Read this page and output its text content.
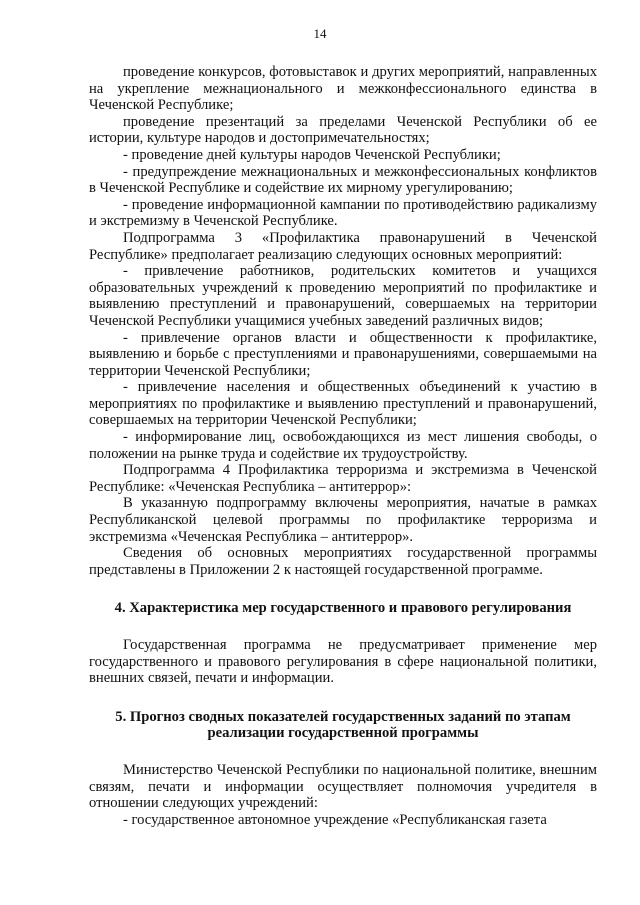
14

проведение конкурсов, фотовыставок и других мероприятий, направленных на укрепление межнационального и межконфессионального единства в Чеченской Республике;

проведение презентаций за пределами Чеченской Республики об ее истории, культуре народов и достопримечательностях;

- проведение дней культуры народов Чеченской Республики;

- предупреждение межнациональных и межконфессиональных конфликтов в Чеченской Республике и содействие их мирному урегулированию;

- проведение информационной кампании по противодействию радикализму и экстремизму в Чеченской Республике.

Подпрограмма 3 «Профилактика правонарушений в Чеченской Республике» предполагает реализацию следующих основных мероприятий:

- привлечение работников, родительских комитетов и учащихся образовательных учреждений к проведению мероприятий по профилактике и выявлению преступлений и правонарушений, совершаемых на территории Чеченской Республики учащимися учебных заведений различных видов;

- привлечение органов власти и общественности к профилактике, выявлению и борьбе с преступлениями и правонарушениями, совершаемыми на территории Чеченской Республики;

- привлечение населения и общественных объединений к участию в мероприятиях по профилактике и выявлению преступлений и правонарушений, совершаемых на территории Чеченской Республики;

- информирование лиц, освобождающихся из мест лишения свободы, о положении на рынке труда и содействие их трудоустройству.

Подпрограмма 4 Профилактика терроризма и экстремизма в Чеченской Республике: «Чеченская Республика – антитеррор»:

В указанную подпрограмму включены мероприятия, начатые в рамках Республиканской целевой программы по профилактике терроризма и экстремизма «Чеченская Республика – антитеррор».

Сведения об основных мероприятиях государственной программы представлены в Приложении 2 к настоящей государственной программе.

4. Характеристика мер государственного и правового регулирования

Государственная программа не предусматривает применение мер государственного и правового регулирования в сфере национальной политики, внешних связей, печати и информации.

5. Прогноз сводных показателей государственных заданий по этапам

реализации государственной программы

Министерство Чеченской Республики по национальной политике, внешним связям, печати и информации осуществляет полномочия учредителя в отношении следующих учреждений:

- государственное автономное учреждение «Республиканская газета
